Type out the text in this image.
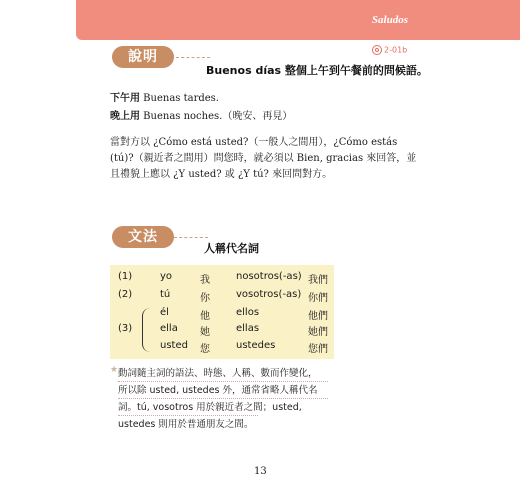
Saludos
2-01b
說明
Buenos días 整個上午到午餐前的問候語。
下午用 Buenas tardes.
晚上用 Buenas noches.（晚安、再見）
當對方以 ¿Cómo está usted?（一般人之間用），¿Cómo estás (tú)?（親近者之間用）問您時，就必須以 Bien, gracias 來回答，並且禮貌上應以 ¿Y usted? 或 ¿Y tú? 來回問對方。
文法
人稱代名詞
(1)	yo	我	nosotros(-as) 我們
(2)	tú	你	vosotros(-as) 你們
él	他	ellos	他們
(3)	ella 她	ellas	她們
usted 您	ustedes	您們
★ 動詞隨主詞的語法、時態、人稱、數而作變化，所以除 usted, ustedes 外，通常省略人稱代名詞。tú, vosotros 用於親近者之間；usted, ustedes 則用於普通朋友之間。
13
